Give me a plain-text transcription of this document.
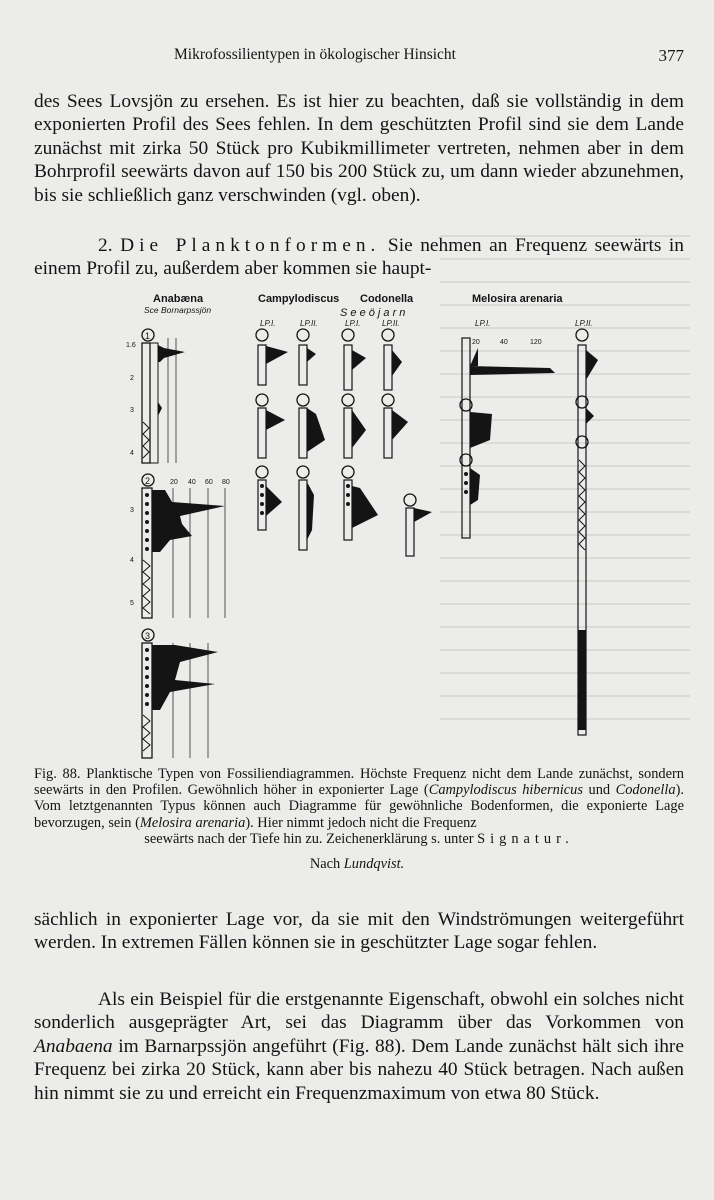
Mikrofossilientypen in ökologischer Hinsicht	377

des Sees Lovsjön zu ersehen. Es ist hier zu beachten, daß sie vollständig in dem exponierten Profil des Sees fehlen. In dem geschützten Profil sind sie dem Lande zunächst mit zirka 50 Stück pro Kubikmillimeter vertreten, nehmen aber in dem Bohrprofil seewärts davon auf 150 bis 200 Stück zu, um dann wieder abzunehmen, bis sie schließlich ganz verschwinden (vgl. oben).

2. Die Planktonformen. Sie nehmen an Frequenz seewärts in einem Profil zu, außerdem aber kommen sie haupt-

Anabæna
Sce Bornarpssjön
Campylodiscus Codonella	Melosira arenaria
S e e ö j a r n
LP.I.	LP.II.	LP.I.	LP.II.	LP.I.	LP.II.
1
1.6
2
3
4
2	20 40 60 80
3
4
5
3
20	40	120
Fig. 88. Planktische Typen von Fossiliendiagrammen. Höchste Frequenz nicht dem Lande zunächst, sondern seewärts in den Profilen. Gewöhnlich höher in exponierter Lage (Campylodiscus hibernicus und Codonella). Vom letztgenannten Typus können auch Diagramme für gewöhnliche Bodenformen, die exponierte Lage bevorzugen, sein (Melosira arenaria). Hier nimmt jedoch nicht die Frequenz
seewärts nach der Tiefe hin zu. Zeichenerklärung s. unter Signatur.
Nach Lundqvist.

sächlich in exponierter Lage vor, da sie mit den Windströmungen weitergeführt werden. In extremen Fällen können sie in geschützter Lage sogar fehlen.

Als ein Beispiel für die erstgenannte Eigenschaft, obwohl ein solches nicht sonderlich ausgeprägter Art, sei das Diagramm über das Vorkommen von Anabaena im Barnarpssjön angeführt (Fig. 88). Dem Lande zunächst hält sich ihre Frequenz bei zirka 20 Stück, kann aber bis nahezu 40 Stück betragen. Nach außen hin nimmt sie zu und erreicht ein Frequenzmaximum von etwa 80 Stück.
